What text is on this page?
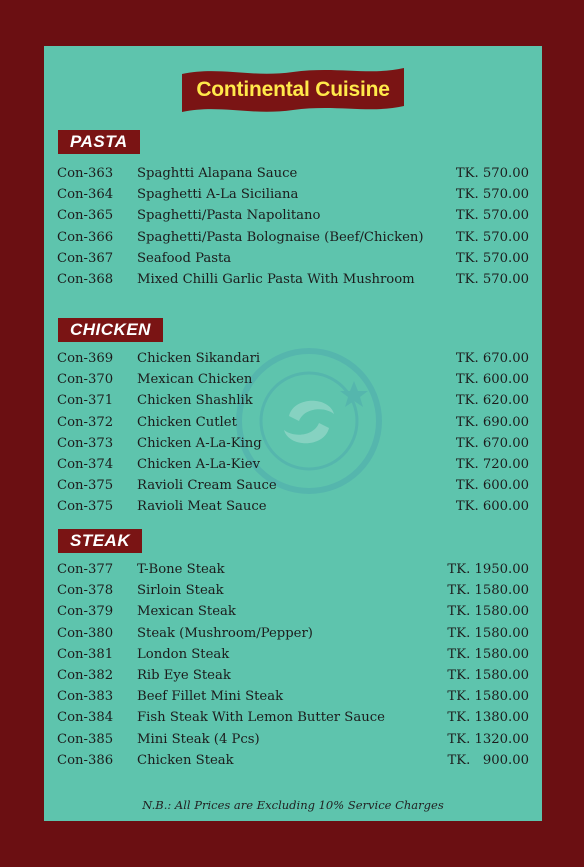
Continental Cuisine
PASTA
Con-363 Spaghtti Alapana Sauce	TK. 570.00
Con-364 Spaghetti A-La Siciliana	TK. 570.00
Con-365 Spaghetti/Pasta Napolitano	TK. 570.00
Con-366 Spaghetti/Pasta Bolognaise (Beef/Chicken) TK. 570.00
Con-367 Seafood Pasta	TK. 570.00
Con-368 Mixed Chilli Garlic Pasta With Mushroom	TK. 570.00
CHICKEN
Con-369 Chicken Sikandari	TK. 670.00
Con-370 Mexican Chicken	TK. 600.00
Con-371 Chicken Shashlik	TK. 620.00
Con-372 Chicken Cutlet	TK. 690.00
Con-373 Chicken A-La-King	TK. 670.00
Con-374 Chicken A-La-Kiev	TK. 720.00
Con-375 Ravioli Cream Sauce	TK. 600.00
Con-375 Ravioli Meat Sauce	TK. 600.00
STEAK
Con-377 T-Bone Steak	TK. 1950.00
Con-378 Sirloin Steak	TK. 1580.00
Con-379 Mexican Steak	TK. 1580.00
Con-380 Steak (Mushroom/Pepper)	TK. 1580.00
Con-381 London Steak	TK. 1580.00
Con-382 Rib Eye Steak	TK. 1580.00
Con-383 Beef Fillet Mini Steak	TK. 1580.00
Con-384 Fish Steak With Lemon Butter Sauce	TK. 1380.00
Con-385 Mini Steak (4 Pcs)	TK. 1320.00
Con-386 Chicken Steak	TK.   900.00
N.B.: All Prices are Excluding 10% Service Charges
